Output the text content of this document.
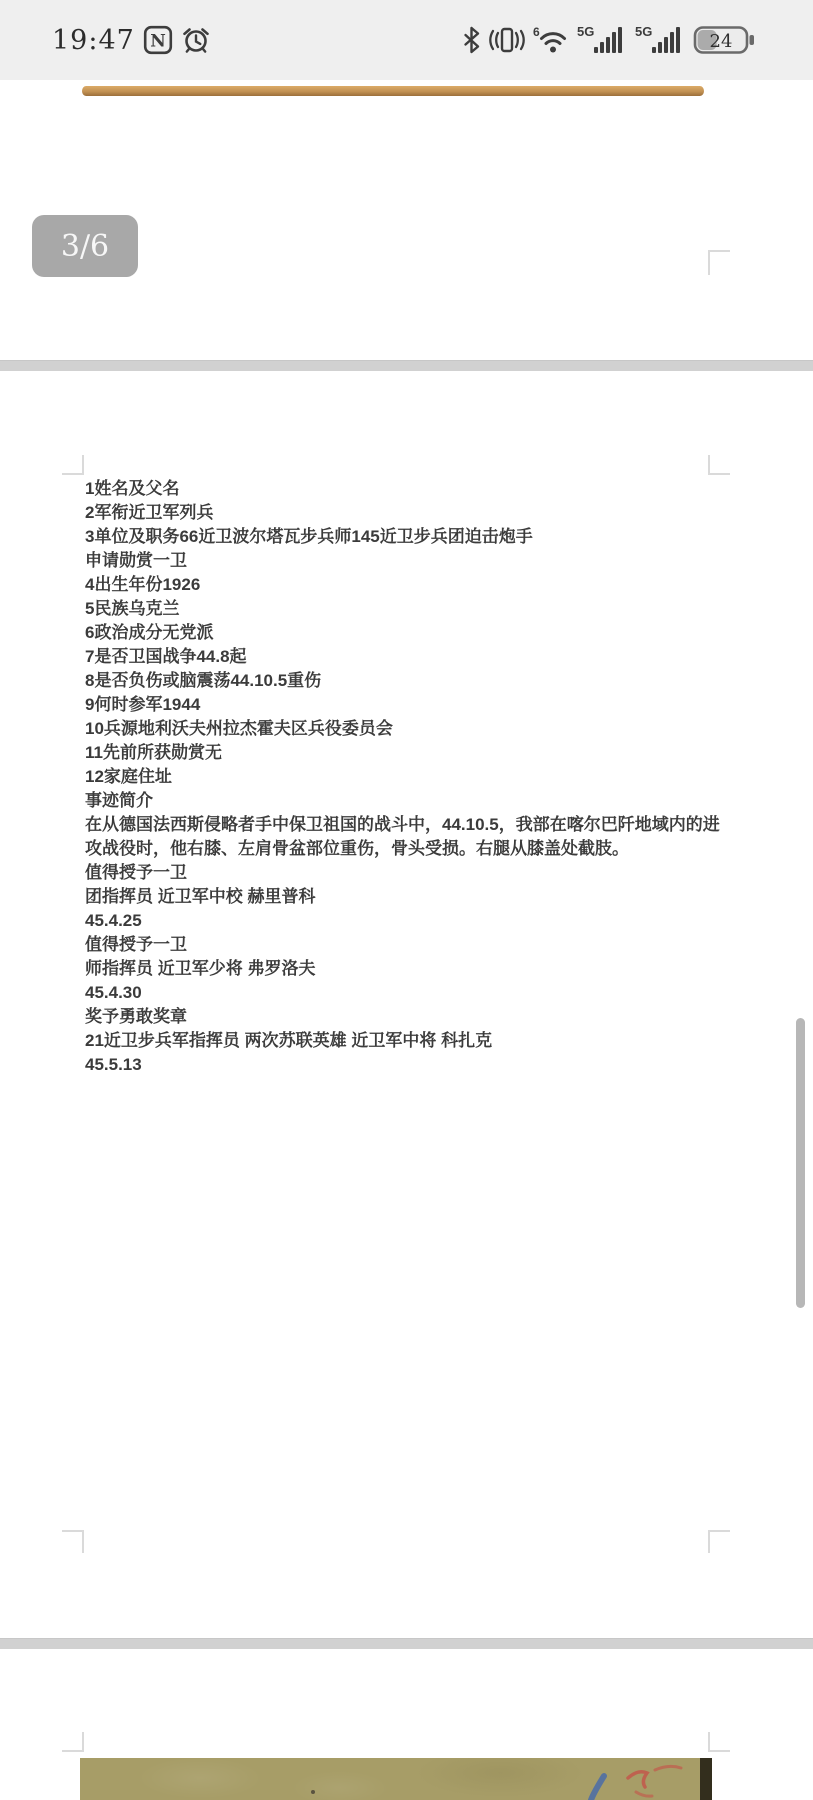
19:47 N	6	5G	5G	24
3/6
1姓名及父名
2军衔近卫军列兵
3单位及职务66近卫波尔塔瓦步兵师145近卫步兵团迫击炮手
申请勋赏一卫
4出生年份1926
5民族乌克兰
6政治成分无党派
7是否卫国战争44.8起
8是否负伤或脑震荡44.10.5重伤
9何时参军1944
10兵源地利沃夫州拉杰霍夫区兵役委员会
11先前所获勋赏无
12家庭住址
事迹简介
在从德国法西斯侵略者手中保卫祖国的战斗中，44.10.5，我部在喀尔巴阡地域内的进
攻战役时，他右膝、左肩骨盆部位重伤，骨头受损。右腿从膝盖处截肢。
值得授予一卫
团指挥员 近卫军中校 赫里普科
45.4.25
值得授予一卫
师指挥员 近卫军少将 弗罗洛夫
45.4.30
奖予勇敢奖章
21近卫步兵军指挥员 两次苏联英雄 近卫军中将 科扎克
45.5.13
